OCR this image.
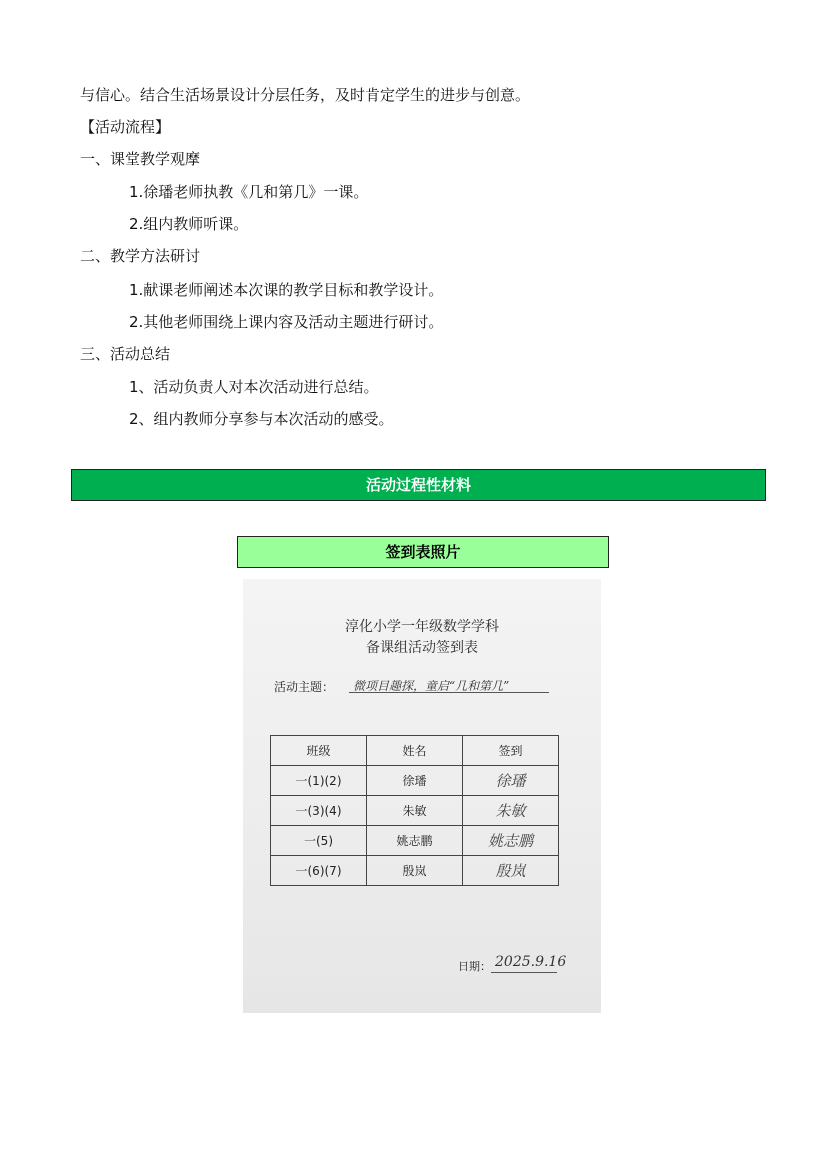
与信心。结合生活场景设计分层任务，及时肯定学生的进步与创意。
【活动流程】
一、课堂教学观摩
1.徐璠老师执教《几和第几》一课。
2.组内教师听课。
二、教学方法研讨
1.献课老师阐述本次课的教学目标和教学设计。
2.其他老师围绕上课内容及活动主题进行研讨。
三、活动总结
1、活动负责人对本次活动进行总结。
2、组内教师分享参与本次活动的感受。
活动过程性材料
签到表照片
淳化小学一年级数学学科
备课组活动签到表
活动主题： 微项目趣探，童启“几和第几”
班级	姓名	签到
一(1)(2)	徐璠	徐璠
一(3)(4)	朱敏	朱敏
一(5)	姚志鹏	姚志鹏
一(6)(7)	殷岚	殷岚
日期： 2025.9.16
